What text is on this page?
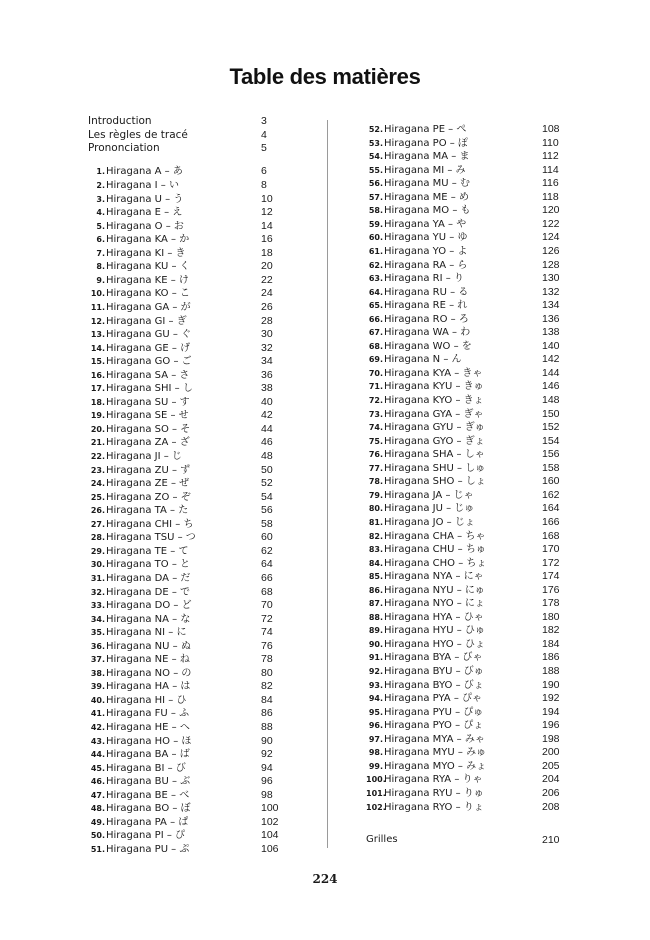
Table des matières
Introduction	3
Les règles de tracé	4
Prononciation	5
1.Hiragana A – あ	6
2.Hiragana I – い	8
3.Hiragana U – う	10
4.Hiragana E – え	12
5.Hiragana O – お	14
6.Hiragana KA – か	16
7.Hiragana KI – き	18
8.Hiragana KU – く	20
9.Hiragana KE – け	22
10.Hiragana KO – こ	24
11.Hiragana GA – が	26
12.Hiragana GI – ぎ	28
13.Hiragana GU – ぐ	30
14.Hiragana GE – げ	32
15.Hiragana GO – ご	34
16.Hiragana SA – さ	36
17.Hiragana SHI – し	38
18.Hiragana SU – す	40
19.Hiragana SE – せ	42
20.Hiragana SO – そ	44
21.Hiragana ZA – ざ	46
22.Hiragana JI – じ	48
23.Hiragana ZU – ず	50
24.Hiragana ZE – ぜ	52
25.Hiragana ZO – ぞ	54
26.Hiragana TA – た	56
27.Hiragana CHI – ち	58
28.Hiragana TSU – つ	60
29.Hiragana TE – て	62
30.Hiragana TO – と	64
31.Hiragana DA – だ	66
32.Hiragana DE – で	68
33.Hiragana DO – ど	70
34.Hiragana NA – な	72
35.Hiragana NI – に	74
36.Hiragana NU – ぬ	76
37.Hiragana NE – ね	78
38.Hiragana NO – の	80
39.Hiragana HA – は	82
40.Hiragana HI – ひ	84
41.Hiragana FU – ふ	86
42.Hiragana HE – へ	88
43.Hiragana HO – ほ	90
44.Hiragana BA – ば	92
45.Hiragana BI – び	94
46.Hiragana BU – ぶ	96
47.Hiragana BE – べ	98
48.Hiragana BO – ぼ	100
49.Hiragana PA – ぱ	102
50.Hiragana PI – ぴ	104
51.Hiragana PU – ぷ	106
52.Hiragana PE – ぺ	108
53.Hiragana PO – ぽ	110
54.Hiragana MA – ま	112
55.Hiragana MI – み	114
56.Hiragana MU – む	116
57.Hiragana ME – め	118
58.Hiragana MO – も	120
59.Hiragana YA – や	122
60.Hiragana YU – ゆ	124
61.Hiragana YO – よ	126
62.Hiragana RA – ら	128
63.Hiragana RI – り	130
64.Hiragana RU – る	132
65.Hiragana RE – れ	134
66.Hiragana RO – ろ	136
67.Hiragana WA – わ	138
68.Hiragana WO – を	140
69.Hiragana N – ん	142
70.Hiragana KYA – きゃ	144
71.Hiragana KYU – きゅ	146
72.Hiragana KYO – きょ	148
73.Hiragana GYA – ぎゃ	150
74.Hiragana GYU – ぎゅ	152
75.Hiragana GYO – ぎょ	154
76.Hiragana SHA – しゃ	156
77.Hiragana SHU – しゅ	158
78.Hiragana SHO – しょ	160
79.Hiragana JA – じゃ	162
80.Hiragana JU – じゅ	164
81.Hiragana JO – じょ	166
82.Hiragana CHA – ちゃ	168
83.Hiragana CHU – ちゅ	170
84.Hiragana CHO – ちょ	172
85.Hiragana NYA – にゃ	174
86.Hiragana NYU – にゅ	176
87.Hiragana NYO – にょ	178
88.Hiragana HYA – ひゃ	180
89.Hiragana HYU – ひゅ	182
90.Hiragana HYO – ひょ	184
91.Hiragana BYA – びゃ	186
92.Hiragana BYU – びゅ	188
93.Hiragana BYO – びょ	190
94.Hiragana PYA – ぴゃ	192
95.Hiragana PYU – ぴゅ	194
96.Hiragana PYO – ぴょ	196
97.Hiragana MYA – みゃ	198
98.Hiragana MYU – みゅ	200
99.Hiragana MYO – みょ	205
100.Hiragana RYA – りゃ	204
101.Hiragana RYU – りゅ	206
102.Hiragana RYO – りょ	208
Grilles	210
224
